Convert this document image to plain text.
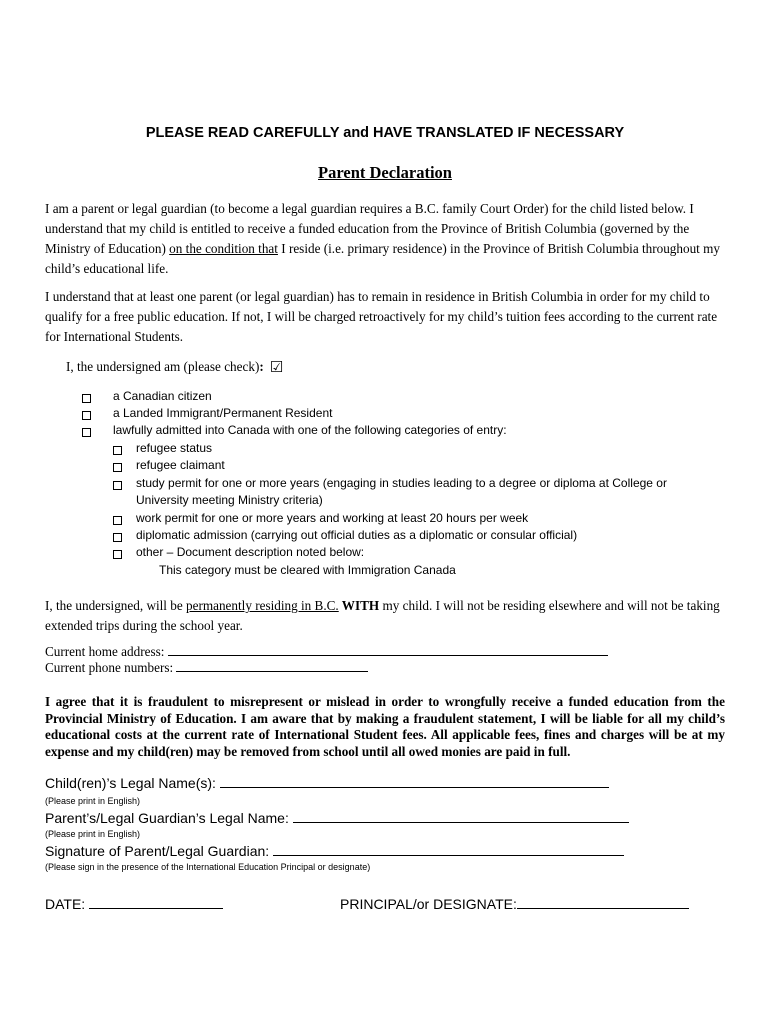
PLEASE READ CAREFULLY and HAVE TRANSLATED IF NECESSARY
Parent Declaration
I am a parent or legal guardian (to become a legal guardian requires a B.C. family Court Order) for the child listed below. I understand that my child is entitled to receive a funded education from the Province of British Columbia (governed by the Ministry of Education) on the condition that I reside (i.e. primary residence) in the Province of British Columbia throughout my child’s educational life.
I understand that at least one parent (or legal guardian) has to remain in residence in British Columbia in order for my child to qualify for a free public education. If not, I will be charged retroactively for my child’s tuition fees according to the current rate for International Students.
I, the undersigned am (please check): ☑
a Canadian citizen
a Landed Immigrant/Permanent Resident
lawfully admitted into Canada with one of the following categories of entry:
refugee status
refugee claimant
study permit for one or more years (engaging in studies leading to a degree or diploma at College or
University meeting Ministry criteria)
work permit for one or more years and working at least 20 hours per week
diplomatic admission (carrying out official duties as a diplomatic or consular official)
other – Document description noted below:
This category must be cleared with Immigration Canada
I, the undersigned, will be permanently residing in B.C. WITH my child. I will not be residing elsewhere and will not be taking extended trips during the school year.
Current home address:
Current phone numbers:
I agree that it is fraudulent to misrepresent or mislead in order to wrongfully receive a funded education from the Provincial Ministry of Education. I am aware that by making a fraudulent statement, I will be liable for all my child’s educational costs at the current rate of International Student fees. All applicable fees, fines and charges will be at my expense and my child(ren) may be removed from school until all owed monies are paid in full.
Child(ren)’s Legal Name(s):
(Please print in English)
Parent’s/Legal Guardian’s Legal Name:
(Please print in English)
Signature of Parent/Legal Guardian:
(Please sign in the presence of the International Education Principal or designate)
DATE:	PRINCIPAL/or DESIGNATE:
